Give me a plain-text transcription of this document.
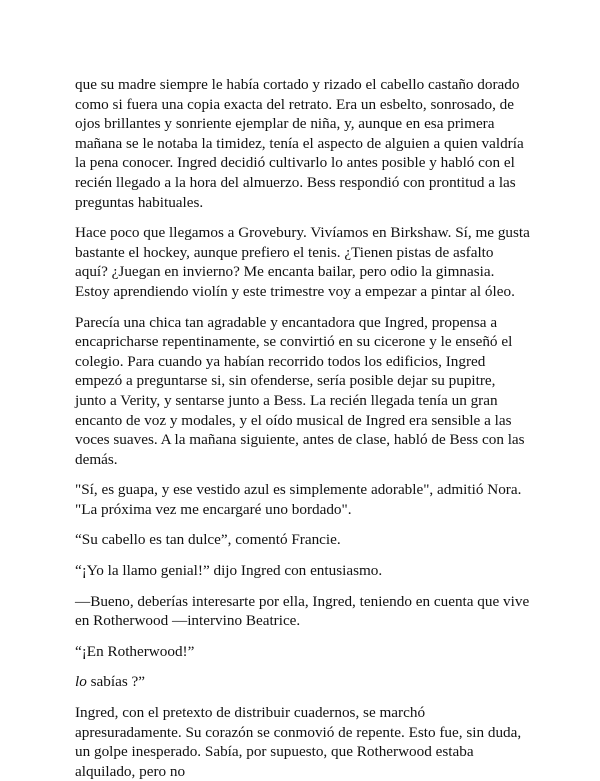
que su madre siempre le había cortado y rizado el cabello castaño dorado como si fuera una copia exacta del retrato. Era un esbelto, sonrosado, de ojos brillantes y sonriente ejemplar de niña, y, aunque en esa primera mañana se le notaba la timidez, tenía el aspecto de alguien a quien valdría la pena conocer. Ingred decidió cultivarlo lo antes posible y habló con el recién llegado a la hora del almuerzo. Bess respondió con prontitud a las preguntas habituales.

Hace poco que llegamos a Grovebury. Vivíamos en Birkshaw. Sí, me gusta bastante el hockey, aunque prefiero el tenis. ¿Tienen pistas de asfalto aquí? ¿Juegan en invierno? Me encanta bailar, pero odio la gimnasia. Estoy aprendiendo violín y este trimestre voy a empezar a pintar al óleo.

Parecía una chica tan agradable y encantadora que Ingred, propensa a encapricharse repentinamente, se convirtió en su cicerone y le enseñó el colegio. Para cuando ya habían recorrido todos los edificios, Ingred empezó a preguntarse si, sin ofenderse, sería posible dejar su pupitre, junto a Verity, y sentarse junto a Bess. La recién llegada tenía un gran encanto de voz y modales, y el oído musical de Ingred era sensible a las voces suaves. A la mañana siguiente, antes de clase, habló de Bess con las demás.

"Sí, es guapa, y ese vestido azul es simplemente adorable", admitió Nora. "La próxima vez me encargaré uno bordado".

“Su cabello es tan dulce”, comentó Francie.

“¡Yo la llamo genial!” dijo Ingred con entusiasmo.

—Bueno, deberías interesarte por ella, Ingred, teniendo en cuenta que vive en Rotherwood —intervino Beatrice.

“¡En Rotherwood!”

lo sabías ?”

Ingred, con el pretexto de distribuir cuadernos, se marchó apresuradamente. Su corazón se conmovió de repente. Esto fue, sin duda, un golpe inesperado. Sabía, por supuesto, que Rotherwood estaba alquilado, pero no
